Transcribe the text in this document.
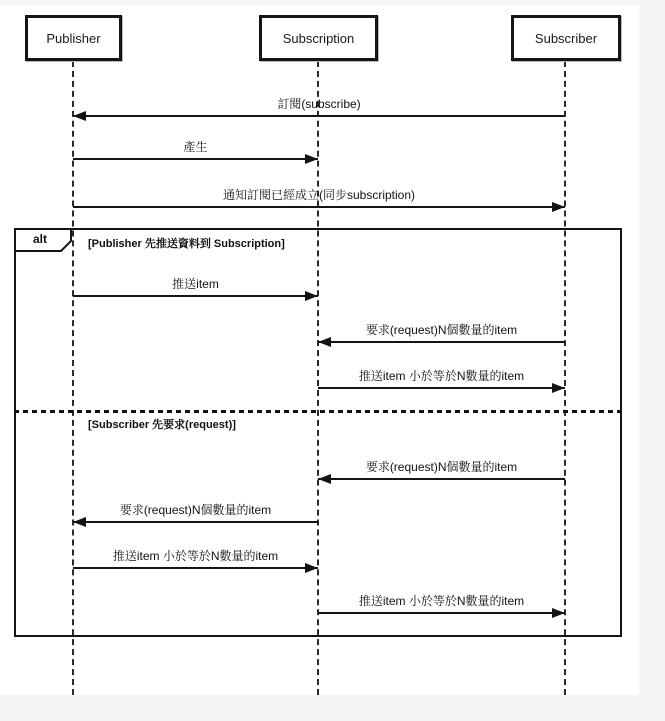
alt	[Publisher 先推送資料到 Subscription]
[Subscriber 先要求(request)]
Publisher	Subscription	Subscriber
訂閱(subscribe)
產生
通知訂閱已經成立(同步subscription)
推送item
要求(request)N個數量的item
推送item 小於等於N數量的item
要求(request)N個數量的item
要求(request)N個數量的item
推送item 小於等於N數量的item
推送item 小於等於N數量的item
